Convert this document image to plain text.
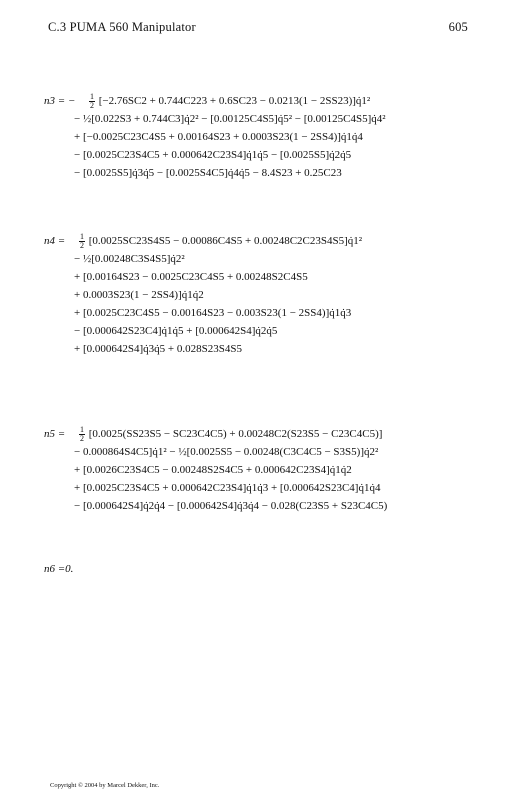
C.3 PUMA 560 Manipulator	605
n3 = − $\frac{1}{2} [-2.76SC2 + 0.744C223 + 0.6SC23 - 0.0213(1$ − 2SS23)]q̇1²
− ½[0.022S3 + 0.744C3]q̇2² − [0.00125C4S5]q̇5² − [0.00125C4S5]q̇4²
+ [−0.0025C23C4S5 + 0.00164S23 + 0.0003S23(1 − 2SS4)]q̇1q̇4
− [0.0025C23S4C5 + 0.000642C23S4]q̇1q̇5 − [0.0025S5]q̇2q̇5
− [0.0025S5]q̇3q̇5 − [0.0025S4C5]q̇4q̇5 − 8.4S23 + 0.25C23
$n4 = \frac{1}{2} [0.0025SC23S4S5 - 0.00086C4S5$ + 0.00248C2C23S4S5]q̇1²
− ½[0.00248C3S4S5]q̇2²
+ [0.00164S23 − 0.0025C23C4S5 + 0.00248S2C4S5
+ 0.0003S23(1 − 2SS4)]q̇1q̇2
+ [0.0025C23C4S5 − 0.00164S23 − 0.003S23(1 − 2SS4)]q̇1q̇3
− [0.000642S23C4]q̇1q̇5 + [0.000642S4]q̇2q̇5
+ [0.000642S4]q̇3q̇5 + 0.028S23S4S5
$n5 = \frac{1}{2} [0.0025(SS23S5 - SC23C4C5) + 0.00248C2(S23S5 - C23C4C5)]$
− 0.000864S4C5]q̇1² − ½[0.0025S5 − 0.00248(C3C4C5 − S3S5)]q̇2²
+ [0.0026C23S4C5 − 0.00248S2S4C5 + 0.000642C23S4]q̇1q̇2
+ [0.0025C23S4C5 + 0.000642C23S4]q̇1q̇3 + [0.000642S23C4]q̇1q̇4
− [0.000642S4]q̇2q̇4 − [0.000642S4]q̇3q̇4 − 0.028(C23S5 + S23C4C5)
n6 =0.
Copyright © 2004 by Marcel Dekker, Inc.
